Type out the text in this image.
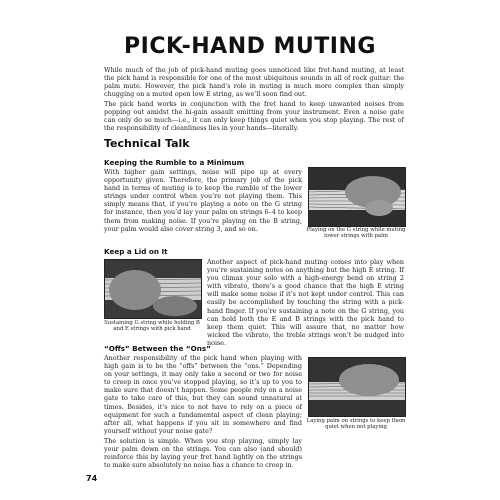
PICK-HAND MUTING

While much of the job of pick-hand muting goes unnoticed like fret-hand muting, at least the pick hand is responsible for one of the most ubiquitous sounds in all of rock guitar: the palm mute. However, the pick hand’s role in muting is much more complex than simply chugging on a muted open low E string, as we’ll soon find out.

The pick hand works in conjunction with the fret hand to keep unwanted noises from popping out amidst the hi-gain assault emitting from your instrument. Even a noise gate can only do so much—i.e., it can only keep things quiet when you stop playing. The rest of the responsibility of cleanliness lies in your hands—literally.

Technical Talk
Keeping the Rumble to a Minimum

With higher gain settings, noise will pipe up at every opportunity given. Therefore, the primary job of the pick hand in terms of muting is to keep the rumble of the lower strings under control when you’re not playing them. This simply means that, if you’re playing a note on the G string for instance, then you’d lay your palm on strings 6–4 to keep them from making noise. If you’re playing on the B string, your palm would also cover string 3, and so on.	Playing on the G string while muting lower strings with palm
Keep a Lid on It
Sustaining G string while holding B and E strings with pick hand

Another aspect of pick-hand muting comes into play when you’re sustaining notes on anything but the high E string. If you climax your solo with a high-energy bend on string 2 with vibrato, there’s a good chance that the high E string will make some noise if it’s not kept under control. This can easily be accomplished by touching the string with a pick-hand finger. If you’re sustaining a note on the G string, you can hold both the E and B strings with the pick hand to keep them quiet. This will assure that, no matter how wicked the vibrato, the treble strings won’t be nudged into noise.

“Offs” Between the “Ons”

Another responsibility of the pick hand when playing with high gain is to be the “offs” between the “ons.” Depending on your settings, it may only take a second or two for noise to creep in once you’ve stopped playing, so it’s up to you to make sure that doesn’t happen. Some people rely on a noise gate to take care of this, but they can sound unnatural at times. Besides, it’s nice to not have to rely on a piece of equipment for such a fundamental aspect of clean playing; after all, what happens if you sit in somewhere and find yourself without your noise gate?

The solution is simple. When you stop playing, simply lay your palm down on the strings. You can also (and should) reinforce this by laying your fret hand lightly on the strings to make sure absolutely no noise has a chance to creep in.

Laying palm on strings to keep them quiet when not playing
74
